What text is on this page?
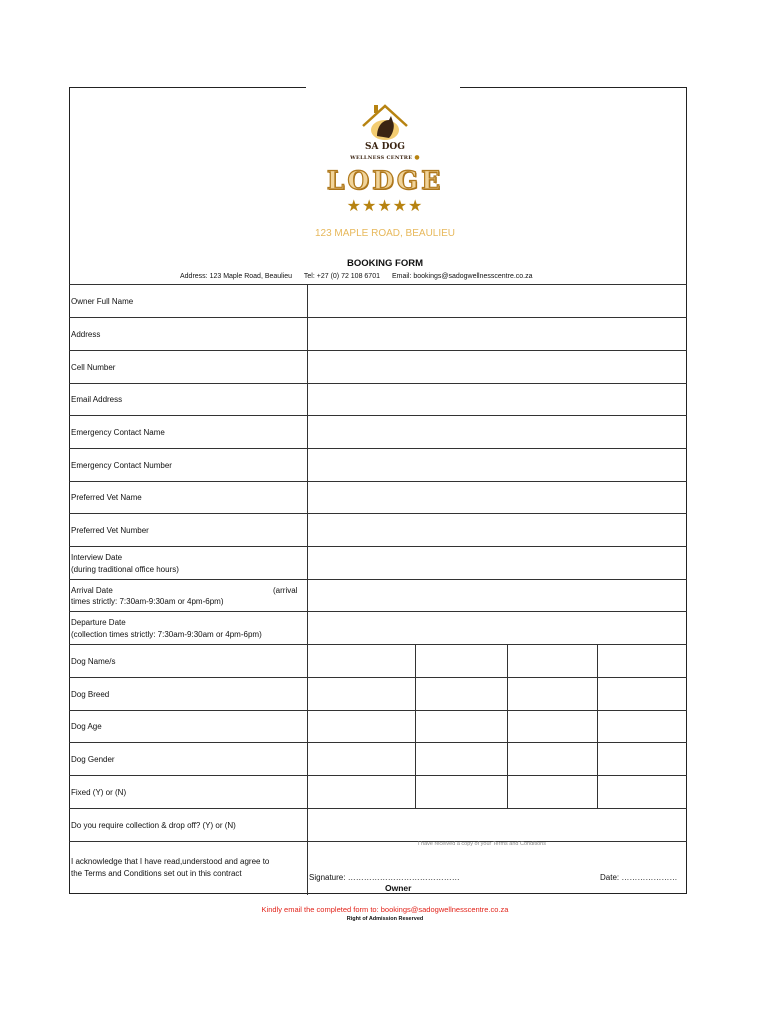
SA DOG
WELLNESS CENTRE ●
LODGE
★★★★★
123 MAPLE ROAD, BEAULIEU
BOOKING FORM
Address: 123 Maple Road, Beaulieu Tel: +27 (0) 72 108 6701 Email: bookings@sadogwellnesscentre.co.za
Owner Full Name
Address
Cell Number
Email Address
Emergency Contact Name
Emergency Contact Number
Preferred Vet Name
Preferred Vet Number
Interview Date
(during traditional office hours)
Arrival Date	(arrival
times strictly: 7:30am-9:30am or 4pm-6pm)
Departure Date
(collection times strictly: 7:30am-9:30am or 4pm-6pm)
Dog Name/s
Dog Breed
Dog Age
Dog Gender
Fixed (Y) or (N)
Do you require collection & drop off? (Y) or (N)
I acknowledge that I have read,understood and agree to
the Terms and Conditions set out in this contract
I have received a copy of your Terms and Conditions
Signature: ……………………………………	Date: …………………
Owner
Kindly email the completed form to: bookings@sadogwellnesscentre.co.za
Right of Admission Reserved
